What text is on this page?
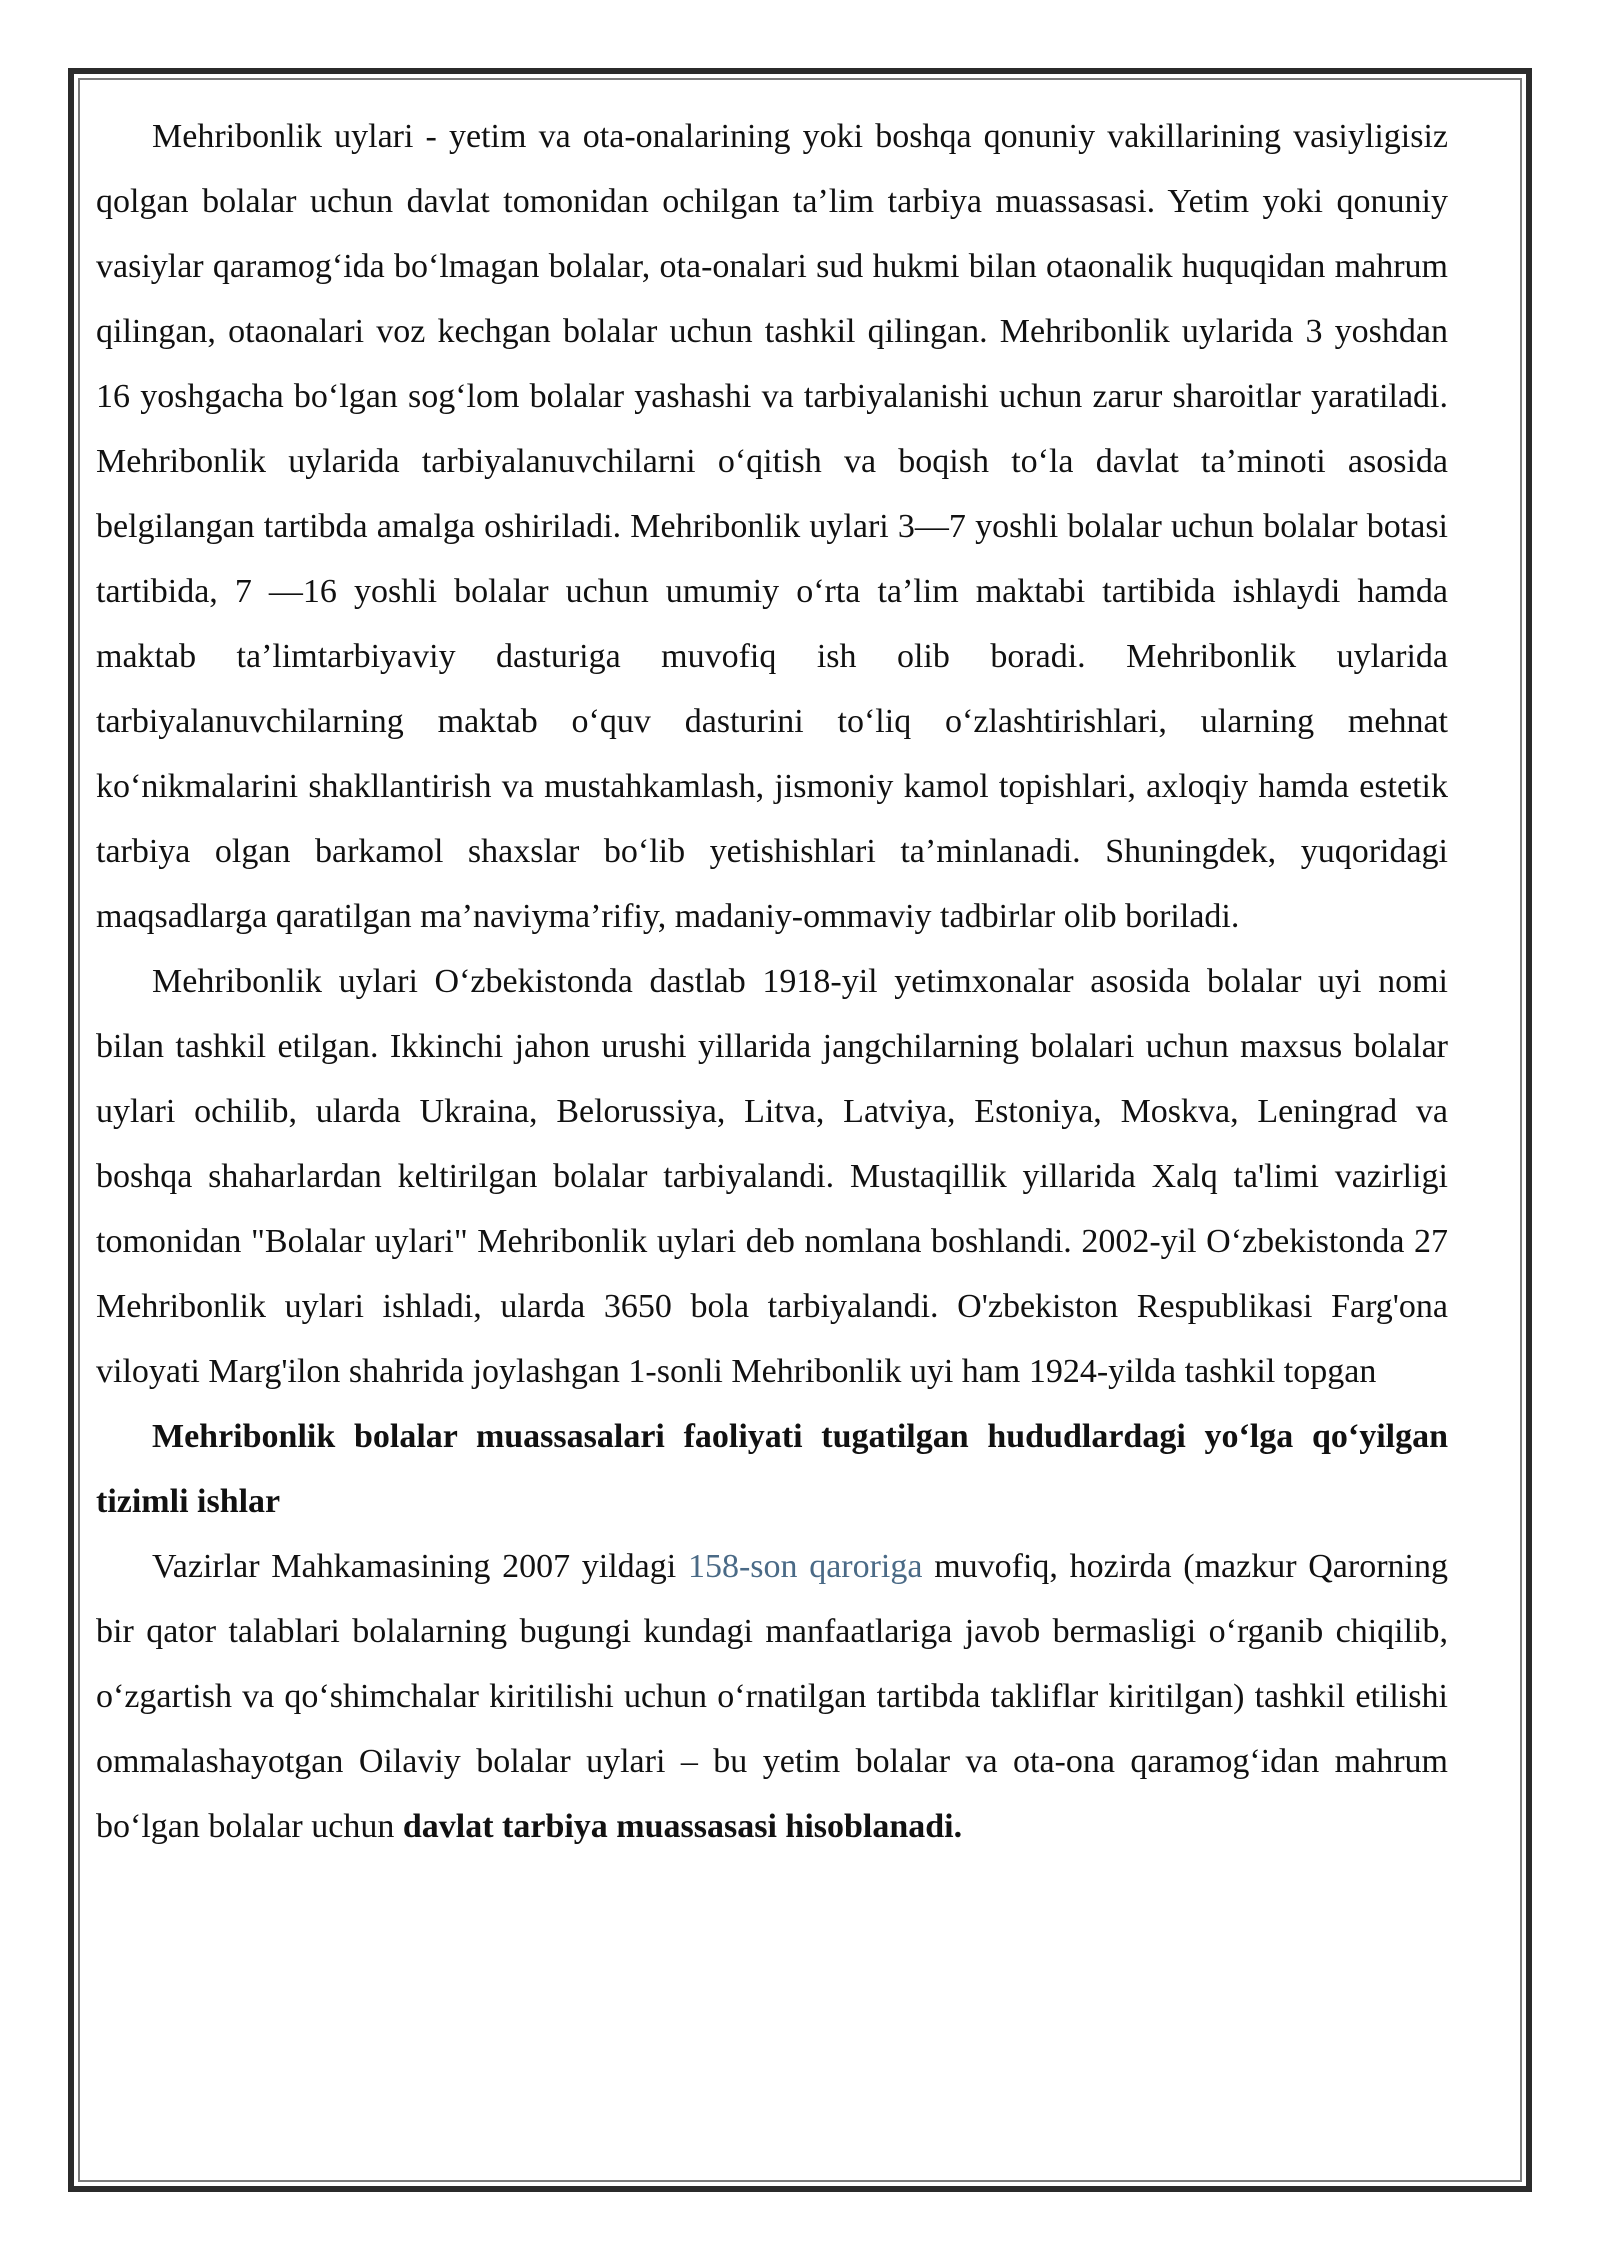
Mehribonlik uylari - yetim va ota-onalarining yoki boshqa qonuniy vakillarining vasiyligisiz qolgan bolalar uchun davlat tomonidan ochilgan ta’lim tarbiya muassasasi. Yetim yoki qonuniy vasiylar qaramog‘ida bo‘lmagan bolalar, ota-onalari sud hukmi bilan otaonalik huquqidan mahrum qilingan, otaonalari voz kechgan bolalar uchun tashkil qilingan. Mehribonlik uylarida 3 yoshdan 16 yoshgacha bo‘lgan sog‘lom bolalar yashashi va tarbiyalanishi uchun zarur sharoitlar yaratiladi. Mehribonlik uylarida tarbiyalanuvchilarni o‘qitish va boqish to‘la davlat ta’minoti asosida belgilangan tartibda amalga oshiriladi. Mehribonlik uylari 3—7 yoshli bolalar uchun bolalar botasi tartibida, 7 —16 yoshli bolalar uchun umumiy o‘rta ta’lim maktabi tartibida ishlaydi hamda maktab ta’limtarbiyaviy dasturiga muvofiq ish olib boradi. Mehribonlik uylarida tarbiyalanuvchilarning maktab o‘quv dasturini to‘liq o‘zlashtirishlari, ularning mehnat ko‘nikmalarini shakllantirish va mustahkamlash, jismoniy kamol topishlari, axloqiy hamda estetik tarbiya olgan barkamol shaxslar bo‘lib yetishishlari ta’minlanadi. Shuningdek, yuqoridagi maqsadlarga qaratilgan ma’naviyma’rifiy, madaniy-ommaviy tadbirlar olib boriladi.

Mehribonlik uylari O‘zbekistonda dastlab 1918-yil yetimxonalar asosida bolalar uyi nomi bilan tashkil etilgan. Ikkinchi jahon urushi yillarida jangchilarning bolalari uchun maxsus bolalar uylari ochilib, ularda Ukraina, Belorussiya, Litva, Latviya, Estoniya, Moskva, Leningrad va boshqa shaharlardan keltirilgan bolalar tarbiyalandi. Mustaqillik yillarida Xalq ta'limi vazirligi tomonidan "Bolalar uylari" Mehribonlik uylari deb nomlana boshlandi. 2002-yil O‘zbekistonda 27 Mehribonlik uylari ishladi, ularda 3650 bola tarbiyalandi. O'zbekiston Respublikasi Farg'ona viloyati Marg'ilon shahrida joylashgan 1-sonli Mehribonlik uyi ham 1924-yilda tashkil topgan

Mehribonlik bolalar muassasalari faoliyati tugatilgan hududlardagi yo‘lga qo‘yilgan tizimli ishlar

Vazirlar Mahkamasining 2007 yildagi 158-son qaroriga muvofiq, hozirda (mazkur Qarorning bir qator talablari bolalarning bugungi kundagi manfaatlariga javob bermasligi o‘rganib chiqilib, o‘zgartish va qo‘shimchalar kiritilishi uchun o‘rnatilgan tartibda takliflar kiritilgan) tashkil etilishi ommalashayotgan Oilaviy bolalar uylari – bu yetim bolalar va ota-ona qaramog‘idan mahrum bo‘lgan bolalar uchun davlat tarbiya muassasasi hisoblanadi.
